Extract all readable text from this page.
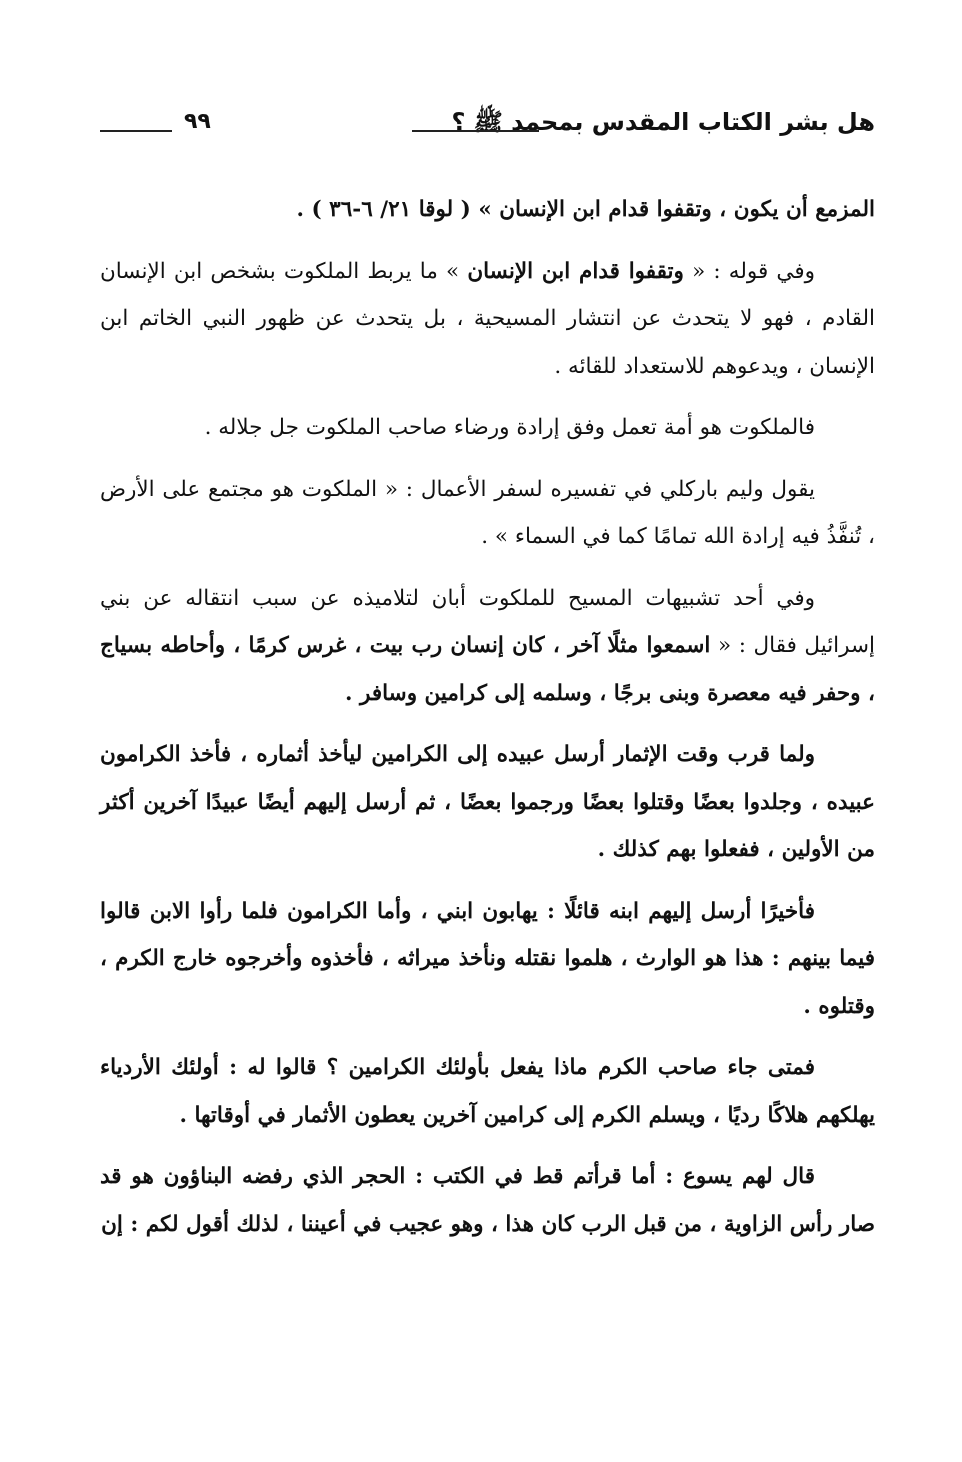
هل بشر الكتاب المقدس بمحمد ﷺ ؟
٩٩

المزمع أن يكون ، وتقفوا قدام ابن الإنسان » ( لوقا ٢١/ ٦-٣٦ ) .

وفي قوله : « وتقفوا قدام ابن الإنسان » ما يربط الملكوت بشخص ابن الإنسان القادم ، فهو لا يتحدث عن انتشار المسيحية ، بل يتحدث عن ظهور النبي الخاتم ابن الإنسان ، ويدعوهم للاستعداد للقائه .

فالملكوت هو أمة تعمل وفق إرادة ورضاء صاحب الملكوت جل جلاله .

يقول وليم باركلي في تفسيره لسفر الأعمال : « الملكوت هو مجتمع على الأرض ، تُنفَّذُ فيه إرادة الله تمامًا كما في السماء » .

وفي أحد تشبيهات المسيح للملكوت أبان لتلاميذه عن سبب انتقاله عن بني إسرائيل فقال : « اسمعوا مثلًا آخر ، كان إنسان رب بيت ، غرس كرمًا ، وأحاطه بسياج ، وحفر فيه معصرة وبنى برجًا ، وسلمه إلى كرامين وسافر .

ولما قرب وقت الإثمار أرسل عبيده إلى الكرامين ليأخذ أثماره ، فأخذ الكرامون عبيده ، وجلدوا بعضًا وقتلوا بعضًا ورجموا بعضًا ، ثم أرسل إليهم أيضًا عبيدًا آخرين أكثر من الأولين ، ففعلوا بهم كذلك .

فأخيرًا أرسل إليهم ابنه قائلًا : يهابون ابني ، وأما الكرامون فلما رأوا الابن قالوا فيما بينهم : هذا هو الوارث ، هلموا نقتله ونأخذ ميراثه ، فأخذوه وأخرجوه خارج الكرم ، وقتلوه .

فمتى جاء صاحب الكرم ماذا يفعل بأولئك الكرامين ؟ قالوا له : أولئك الأردياء يهلكهم هلاكًا رديًا ، ويسلم الكرم إلى كرامين آخرين يعطون الأثمار في أوقاتها .

قال لهم يسوع : أما قرأتم قط في الكتب : الحجر الذي رفضه البناؤون هو قد صار رأس الزاوية ، من قبل الرب كان هذا ، وهو عجيب في أعيننا ، لذلك أقول لكم : إن
